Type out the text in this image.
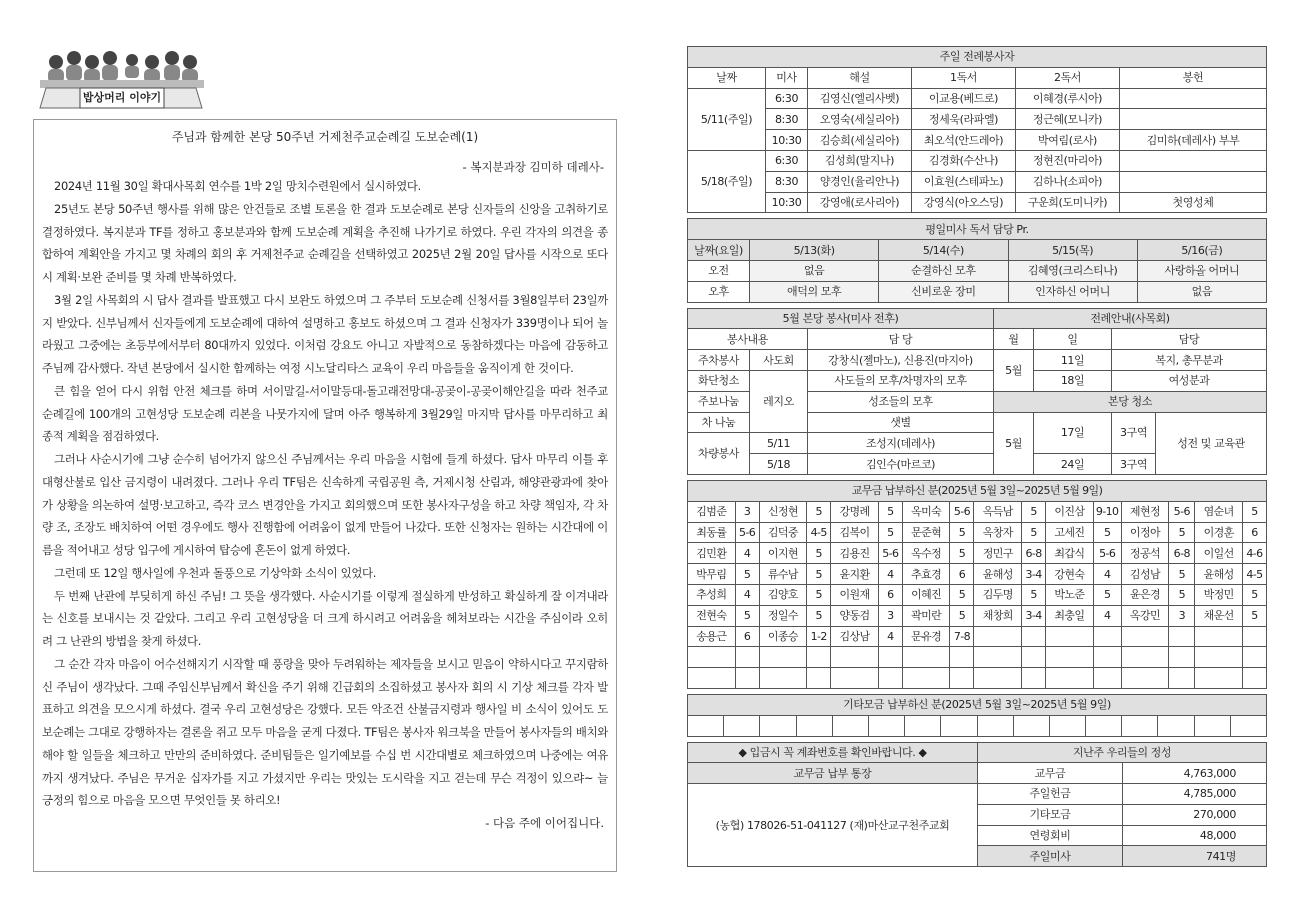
밥상머리 이야기
주님과 함께한 본당 50주년 거제천주교순례길 도보순례(1)
- 복지분과장 김미하 데레사-

2024년 11월 30일 확대사목회 연수를 1박 2일 망치수련원에서 실시하였다.

25년도 본당 50주년 행사를 위해 많은 안건들로 조별 토론을 한 결과 도보순례로 본당 신자들의 신앙을 고취하기로 결정하였다. 복지분과 TF를 정하고 홍보분과와 함께 도보순례 계획을 추진해 나가기로 하였다. 우린 각자의 의견을 종합하여 계획안을 가지고 몇 차례의 회의 후 거제천주교 순례길을 선택하였고 2025년 2월 20일 답사를 시작으로 또다시 계획·보완 준비를 몇 차례 반복하였다.

3월 2일 사목회의 시 답사 결과를 발표했고 다시 보완도 하였으며 그 주부터 도보순례 신청서를 3월8일부터 23일까지 받았다. 신부님께서 신자들에게 도보순례에 대하여 설명하고 홍보도 하셨으며 그 결과 신청자가 339명이나 되어 놀라웠고 그중에는 초등부에서부터 80대까지 있었다. 이처럼 강요도 아니고 자발적으로 동참하겠다는 마음에 감동하고 주님께 감사했다. 작년 본당에서 실시한 함께하는 여정 시노달리타스 교육이 우리 마음들을 움직이게 한 것이다.

큰 힘을 얻어 다시 위험 안전 체크를 하며 서이말길-서이말등대-돌고래전망대-공곶이-공곶이해안길을 따라 천주교 순례길에 100개의 고현성당 도보순례 리본을 나뭇가지에 달며 아주 행복하게 3월29일 마지막 답사를 마무리하고 최종적 계획을 점검하였다.

그러나 사순시기에 그냥 순수히 넘어가지 않으신 주님께서는 우리 마음을 시험에 들게 하셨다. 답사 마무리 이틀 후 대형산불로 입산 금지령이 내려졌다. 그러나 우리 TF팀은 신속하게 국립공원 측, 거제시청 산림과, 해양관광과에 찾아가 상황을 의논하여 설명·보고하고, 즉각 코스 변경안을 가지고 회의했으며 또한 봉사자구성을 하고 차량 책임자, 각 차량 조, 조장도 배치하여 어떤 경우에도 행사 진행함에 어려움이 없게 만들어 나갔다. 또한 신청자는 원하는 시간대에 이름을 적어내고 성당 입구에 게시하여 탑승에 혼돈이 없게 하였다.

그런데 또 12일 행사일에 우천과 돌풍으로 기상악화 소식이 있었다.

두 번째 난관에 부딪히게 하신 주님! 그 뜻을 생각했다. 사순시기를 이렇게 절실하게 반성하고 확실하게 잘 이겨내라는 신호를 보내시는 것 같았다. 그리고 우리 고현성당을 더 크게 하시려고 어려움을 헤쳐보라는 시간을 주심이라 오히려 그 난관의 방법을 찾게 하셨다.

그 순간 각자 마음이 어수선해지기 시작할 때 풍랑을 맞아 두려워하는 제자들을 보시고 믿음이 약하시다고 꾸지람하신 주님이 생각났다. 그때 주임신부님께서 확신을 주기 위해 긴급회의 소집하셨고 봉사자 회의 시 기상 체크를 각자 발표하고 의견을 모으시게 하셨다. 결국 우리 고현성당은 강했다. 모든 악조건 산불금지령과 행사일 비 소식이 있어도 도보순례는 그대로 강행하자는 결론을 쥐고 모두 마음을 굳게 다졌다. TF팀은 봉사자 워크북을 만들어 봉사자들의 배치와 해야 할 일들을 체크하고 만만의 준비하였다. 준비팀들은 일기예보를 수십 번 시간대별로 체크하였으며 나중에는 여유까지 생겨났다. 주님은 무거운 십자가를 지고 가셨지만 우리는 맛있는 도시락을 지고 걷는데 무슨 걱정이 있으랴~ 늘 긍정의 힘으로 마음을 모으면 무엇인들 못 하리오!

- 다음 주에 이어집니다.
주일 전례봉사자					
날짜	미사	해설	1독서	2독서	봉헌
5/11(주일)	6:30	김영신(엘리사벳)	이교용(베드로)	이혜경(루시아)	
	8:30	오영숙(세실리아)	정세욱(라파엘)	정근혜(모니카)	
	10:30	김승희(세실리아)	최오석(안드레아)	박여림(로사)	김미하(데레사) 부부
5/18(주일)	6:30	김성희(말지나)	김경화(수산나)	정현진(마리아)	
	8:30	양경인(율리안나)	이효원(스테파노)	김하나(소피아)	
	10:30	강영애(로사리아)	강영식(아오스딩)	구운희(도미니카)	첫영성체
평일미사 독서 담당 Pr.				
날짜(요일)	5/13(화)	5/14(수)	5/15(목)	5/16(금)
오전	없음	순결하신 모후	김혜영(크리스티나)	사랑하올 어머니
오후	애덕의 모후	신비로운 장미	인자하신 어머니	없음
5월 본당 봉사(미사 전후)			전례안내(사목회)			
봉사내용		담 당	월	일	담당	
주차봉사	사도회	강창식(젤마노), 신용진(마지아)	5월	11일	복지, 총무분과	
화단청소	레지오	사도들의 모후/차명자의 모후		18일	여성분과	
주보나눔		성조들의 모후	본당 청소			
차 나눔		샛별	5월	17일	3구역	성전 및 교육관
차량봉사	5/11	조성지(데레사)				
	5/18	김인수(마르코)		24일	3구역	
교무금 납부하신 분(2025년 5월 3일~2025년 5월 9일)															
김범준	3	신정현	5	강명례	5	옥미숙	5-6	옥득남	5	이진삼	9-10	제현정	5-6	염순녀	5
최동률	5-6	김덕중	4-5	김복이	5	문준혁	5	옥창자	5	고세진	5	이정아	5	이경훈	6
김민환	4	이지현	5	김용진	5-6	옥수정	5	정민구	6-8	최갑식	5-6	정공석	6-8	이일선	4-6
박무림	5	류수남	5	윤지환	4	추효경	6	윤해성	3-4	강현숙	4	김성남	5	윤해성	4-5
추성희	4	김양호	5	이원재	6	이혜진	5	김두명	5	박노준	5	윤은경	5	박정민	5
전현숙	5	정일수	5	양동검	3	곽미란	5	채창희	3-4	최충일	4	옥강민	3	채운선	5
송용근	6	이종승	1-2	김상남	4	문유경	7-8								

기타모금 납부하신 분(2025년 5월 3일~2025년 5월 9일)

◆ 입금시 꼭 계좌번호를 확인바랍니다. ◆	지난주 우리들의 정성	
교무금 납부 통장	교무금	4,763,000
(농협) 178026-51-041127 (재)마산교구천주교회	주일헌금	4,785,000
	기타모금	270,000
	연령회비	48,000
	주일미사	741명
